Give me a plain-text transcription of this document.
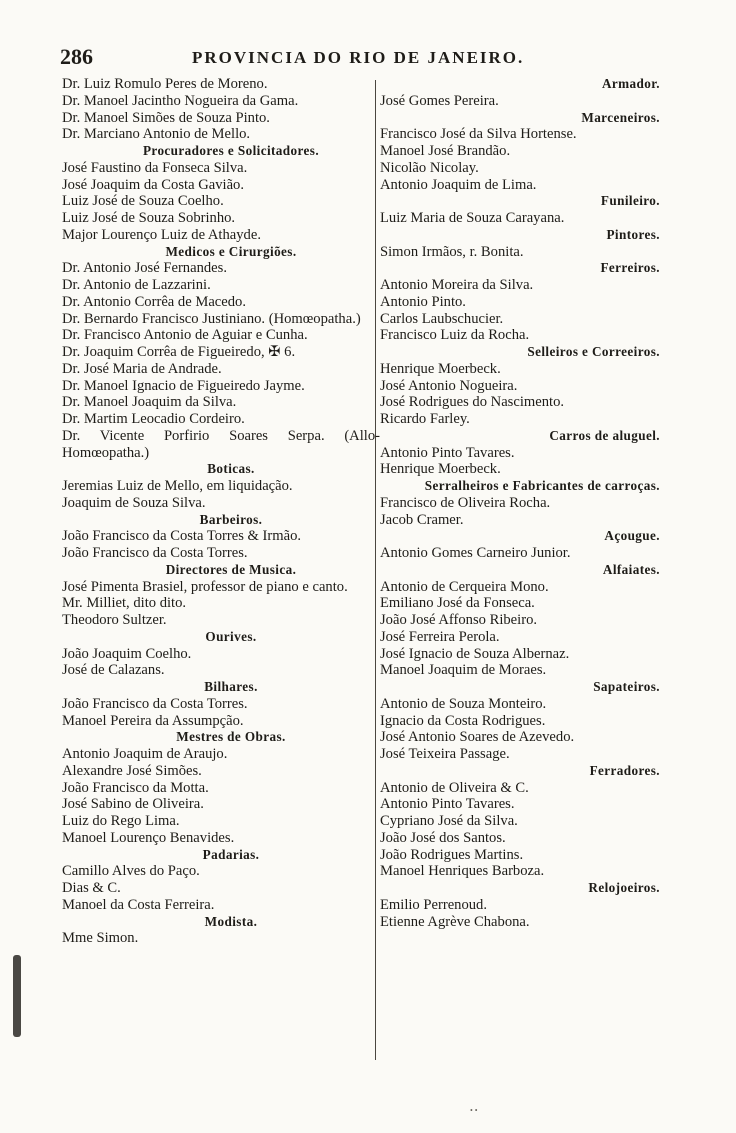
286	PROVINCIA DO RIO DE JANEIRO.
Dr. Luiz Romulo Peres de Moreno.
Dr. Manoel Jacintho Nogueira da Gama.
Dr. Manoel Simões de Souza Pinto.
Dr. Marciano Antonio de Mello.
Procuradores e Solicitadores.
José Faustino da Fonseca Silva.
José Joaquim da Costa Gavião.
Luiz José de Souza Coelho.
Luiz José de Souza Sobrinho.
Major Lourenço Luiz de Athayde.
Medicos e Cirurgiões.
Dr. Antonio José Fernandes.
Dr. Antonio de Lazzarini.
Dr. Antonio Corrêa de Macedo.
Dr. Bernardo Francisco Justiniano. (Homœopatha.)
Dr. Francisco Antonio de Aguiar e Cunha.
Dr. Joaquim Corrêa de Figueiredo, ✠ 6.
Dr. José Maria de Andrade.
Dr. Manoel Ignacio de Figueiredo Jayme.
Dr. Manoel Joaquim da Silva.
Dr. Martim Leocadio Cordeiro.
Dr. Vicente Porfirio Soares Serpa. (Allo-Homœopatha.)
Boticas.
Jeremias Luiz de Mello, em liquidação.
Joaquim de Souza Silva.
Barbeiros.
João Francisco da Costa Torres & Irmão.
João Francisco da Costa Torres.
Directores de Musica.
José Pimenta Brasiel, professor de piano e canto.
Mr. Milliet, dito dito.
Theodoro Sultzer.
Ourives.
João Joaquim Coelho.
José de Calazans.
Bilhares.
João Francisco da Costa Torres.
Manoel Pereira da Assumpção.
Mestres de Obras.
Antonio Joaquim de Araujo.
Alexandre José Simões.
João Francisco da Motta.
José Sabino de Oliveira.
Luiz do Rego Lima.
Manoel Lourenço Benavides.
Padarias.
Camillo Alves do Paço.
Dias & C.
Manoel da Costa Ferreira.
Modista.
Mme Simon.
Armador.
José Gomes Pereira.
Marceneiros.
Francisco José da Silva Hortense.
Manoel José Brandão.
Nicolão Nicolay.
Antonio Joaquim de Lima.
Funileiro.
Luiz Maria de Souza Carayana.
Pintores.
Simon Irmãos, r. Bonita.
Ferreiros.
Antonio Moreira da Silva.
Antonio Pinto.
Carlos Laubschucier.
Francisco Luiz da Rocha.
Selleiros e Correeiros.
Henrique Moerbeck.
José Antonio Nogueira.
José Rodrigues do Nascimento.
Ricardo Farley.
Carros de aluguel.
Antonio Pinto Tavares.
Henrique Moerbeck.
Serralheiros e Fabricantes de carroças.
Francisco de Oliveira Rocha.
Jacob Cramer.
Açougue.
Antonio Gomes Carneiro Junior.
Alfaiates.
Antonio de Cerqueira Mono.
Emiliano José da Fonseca.
João José Affonso Ribeiro.
José Ferreira Perola.
José Ignacio de Souza Albernaz.
Manoel Joaquim de Moraes.
Sapateiros.
Antonio de Souza Monteiro.
Ignacio da Costa Rodrigues.
José Antonio Soares de Azevedo.
José Teixeira Passage.
Ferradores.
Antonio de Oliveira & C.
Antonio Pinto Tavares.
Cypriano José da Silva.
João José dos Santos.
João Rodrigues Martins.
Manoel Henriques Barboza.
Relojoeiros.
Emilio Perrenoud.
Etienne Agrève Chabona.
• •
